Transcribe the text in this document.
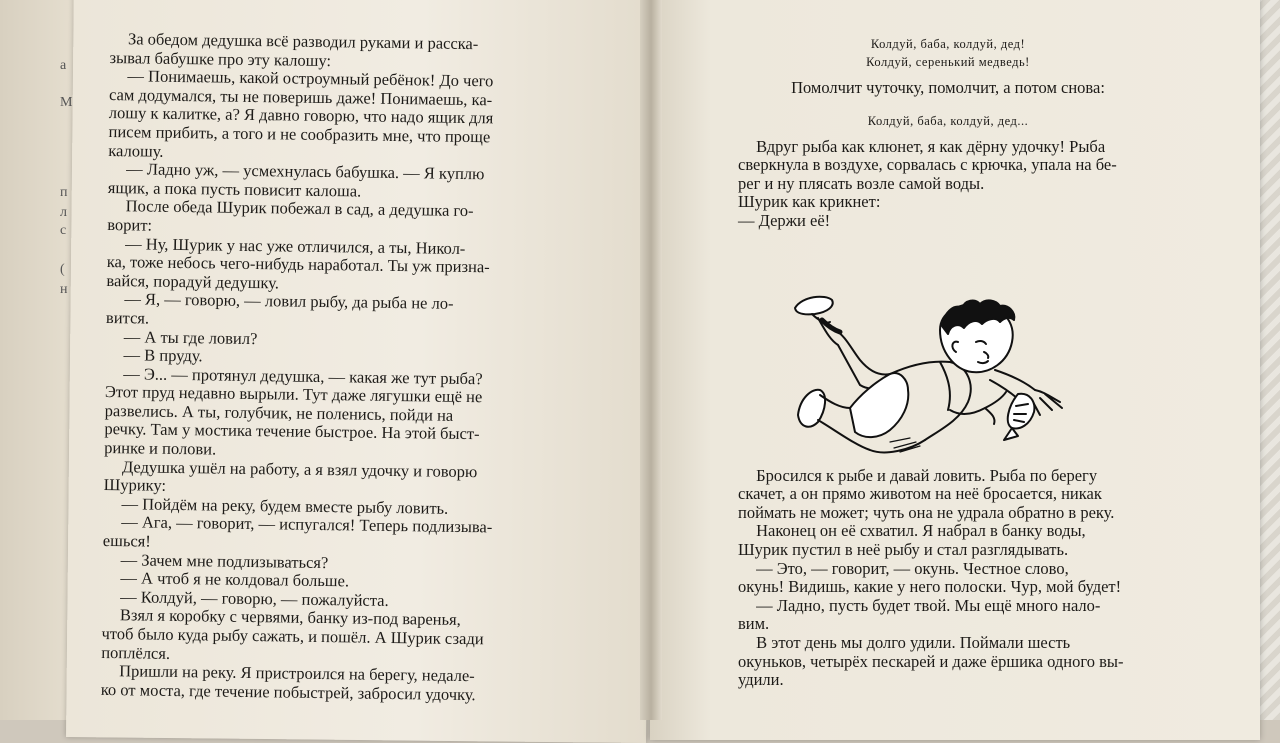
а
М
п
л
с
(
н

За обедом дедушка всё разводил руками и расска-

зывал бабушке про эту калошу:

— Понимаешь, какой остроумный ребёнок! До чего

сам додумался, ты не поверишь даже! Понимаешь, ка-

лошу к калитке, а? Я давно говорю, что надо ящик для

писем прибить, а того и не сообразить мне, что проще

калошу.

— Ладно уж, — усмехнулась бабушка. — Я куплю

ящик, а пока пусть повисит калоша.

После обеда Шурик побежал в сад, а дедушка го-

ворит:

— Ну, Шурик у нас уже отличился, а ты, Никол-

ка, тоже небось чего-нибудь наработал. Ты уж призна-

вайся, порадуй дедушку.

— Я, — говорю, — ловил рыбу, да рыба не ло-

вится.

— А ты где ловил?

— В пруду.

— Э... — протянул дедушка, — какая же тут рыба?

Этот пруд недавно вырыли. Тут даже лягушки ещё не

развелись. А ты, голубчик, не поленись, пойди на

речку. Там у мостика течение быстрое. На этой быст-

ринке и полови.

Дедушка ушёл на работу, а я взял удочку и говорю

Шурику:

— Пойдём на реку, будем вместе рыбу ловить.

— Ага, — говорит, — испугался! Теперь подлизыва-

ешься!

— Зачем мне подлизываться?

— А чтоб я не колдовал больше.

— Колдуй, — говорю, — пожалуйста.

Взял я коробку с червями, банку из-под варенья,

чтоб было куда рыбу сажать, и пошёл. А Шурик сзади

поплёлся.

Пришли на реку. Я пристроился на берегу, недале-

ко от моста, где течение побыстрей, забросил удочку.

Колдуй, баба, колдуй, дед!
Колдуй, серенький медведь!

Помолчит чуточку, помолчит, а потом снова:

Колдуй, баба, колдуй, дед...

Вдруг рыба как клюнет, я как дёрну удочку! Рыба

сверкнула в воздухе, сорвалась с крючка, упала на бе-

рег и ну плясать возле самой воды.

Шурик как крикнет:

— Держи её!

Бросился к рыбе и давай ловить. Рыба по берегу

скачет, а он прямо животом на неё бросается, никак

поймать не может; чуть она не удрала обратно в реку.

Наконец он её схватил. Я набрал в банку воды,

Шурик пустил в неё рыбу и стал разглядывать.

— Это, — говорит, — окунь. Честное слово,

окунь! Видишь, какие у него полоски. Чур, мой будет!

— Ладно, пусть будет твой. Мы ещё много нало-

вим.

В этот день мы долго удили. Поймали шесть

окуньков, четырёх пескарей и даже ёршика одного вы-

удили.
